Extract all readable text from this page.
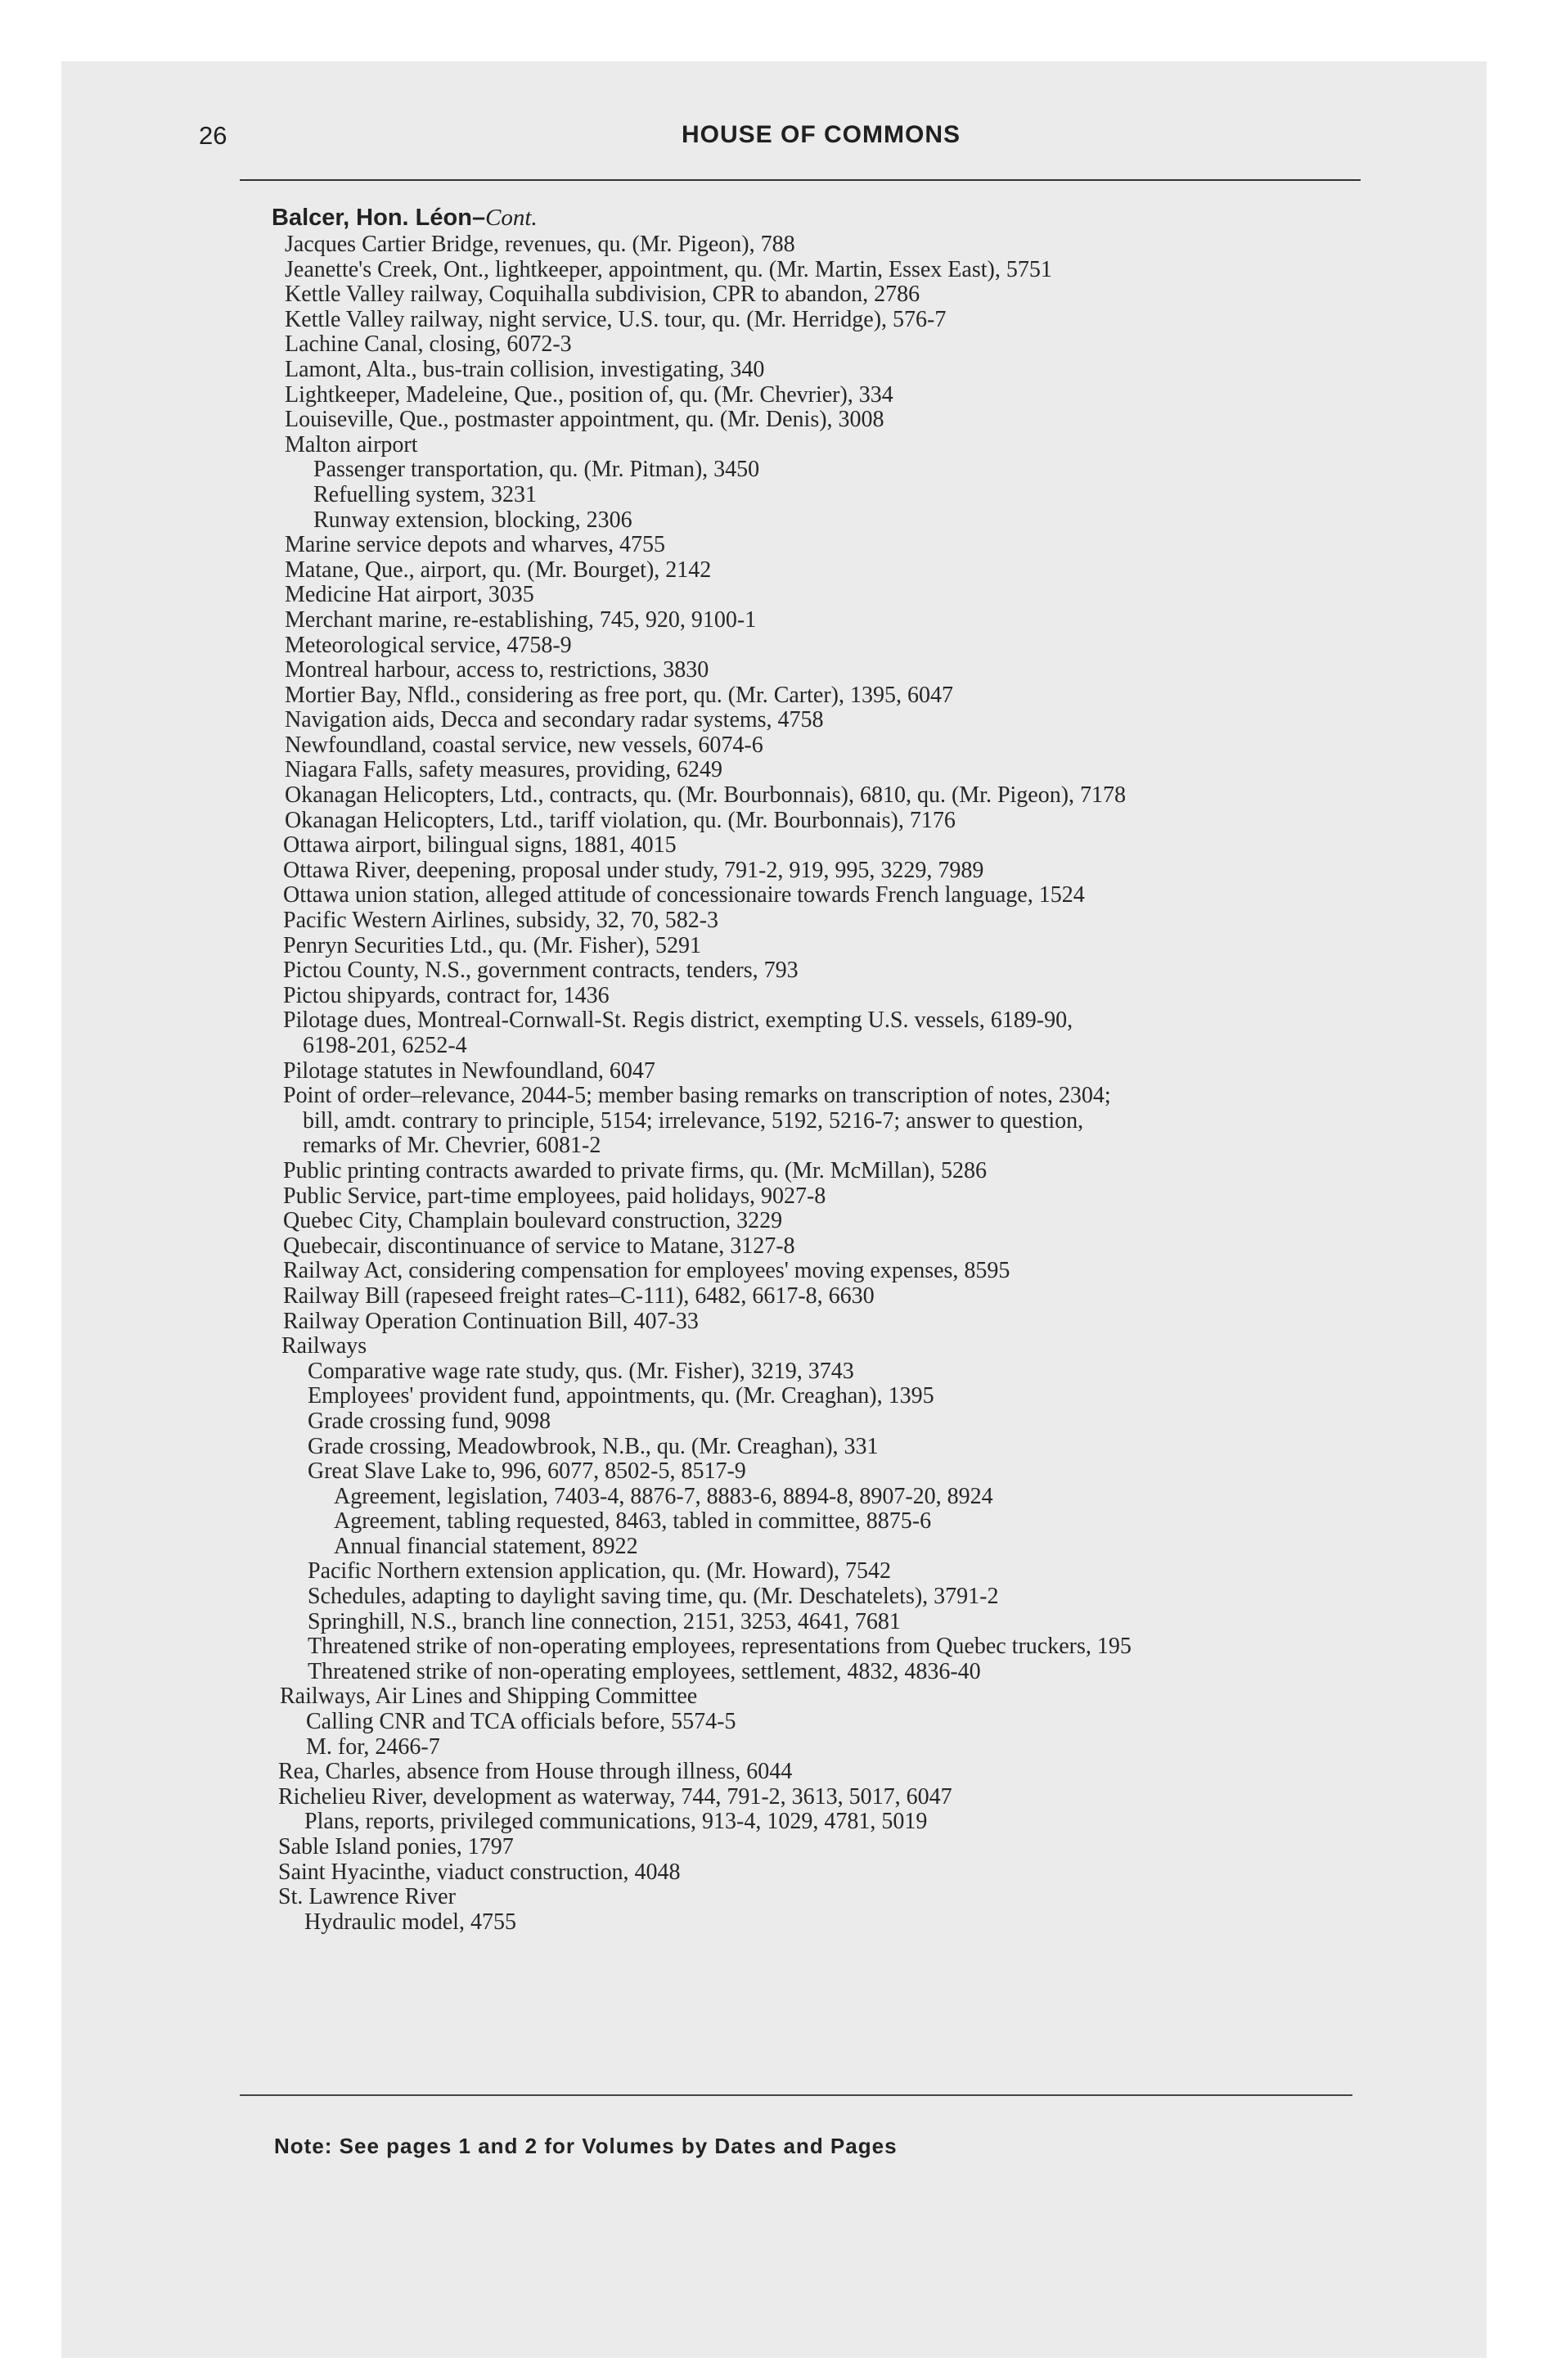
26	HOUSE OF COMMONS
Balcer, Hon. Léon–Cont.
Jacques Cartier Bridge, revenues, qu. (Mr. Pigeon), 788
Jeanette's Creek, Ont., lightkeeper, appointment, qu. (Mr. Martin, Essex East), 5751
Kettle Valley railway, Coquihalla subdivision, CPR to abandon, 2786
Kettle Valley railway, night service, U.S. tour, qu. (Mr. Herridge), 576-7
Lachine Canal, closing, 6072-3
Lamont, Alta., bus-train collision, investigating, 340
Lightkeeper, Madeleine, Que., position of, qu. (Mr. Chevrier), 334
Louiseville, Que., postmaster appointment, qu. (Mr. Denis), 3008
Malton airport
Passenger transportation, qu. (Mr. Pitman), 3450
Refuelling system, 3231
Runway extension, blocking, 2306
Marine service depots and wharves, 4755
Matane, Que., airport, qu. (Mr. Bourget), 2142
Medicine Hat airport, 3035
Merchant marine, re-establishing, 745, 920, 9100-1
Meteorological service, 4758-9
Montreal harbour, access to, restrictions, 3830
Mortier Bay, Nfld., considering as free port, qu. (Mr. Carter), 1395, 6047
Navigation aids, Decca and secondary radar systems, 4758
Newfoundland, coastal service, new vessels, 6074-6
Niagara Falls, safety measures, providing, 6249
Okanagan Helicopters, Ltd., contracts, qu. (Mr. Bourbonnais), 6810, qu. (Mr. Pigeon), 7178
Okanagan Helicopters, Ltd., tariff violation, qu. (Mr. Bourbonnais), 7176
Ottawa airport, bilingual signs, 1881, 4015
Ottawa River, deepening, proposal under study, 791-2, 919, 995, 3229, 7989
Ottawa union station, alleged attitude of concessionaire towards French language, 1524
Pacific Western Airlines, subsidy, 32, 70, 582-3
Penryn Securities Ltd., qu. (Mr. Fisher), 5291
Pictou County, N.S., government contracts, tenders, 793
Pictou shipyards, contract for, 1436
Pilotage dues, Montreal-Cornwall-St. Regis district, exempting U.S. vessels, 6189-90,
6198-201, 6252-4
Pilotage statutes in Newfoundland, 6047
Point of order–relevance, 2044-5; member basing remarks on transcription of notes, 2304;
bill, amdt. contrary to principle, 5154; irrelevance, 5192, 5216-7; answer to question,
remarks of Mr. Chevrier, 6081-2
Public printing contracts awarded to private firms, qu. (Mr. McMillan), 5286
Public Service, part-time employees, paid holidays, 9027-8
Quebec City, Champlain boulevard construction, 3229
Quebecair, discontinuance of service to Matane, 3127-8
Railway Act, considering compensation for employees' moving expenses, 8595
Railway Bill (rapeseed freight rates–C-111), 6482, 6617-8, 6630
Railway Operation Continuation Bill, 407-33
Railways
Comparative wage rate study, qus. (Mr. Fisher), 3219, 3743
Employees' provident fund, appointments, qu. (Mr. Creaghan), 1395
Grade crossing fund, 9098
Grade crossing, Meadowbrook, N.B., qu. (Mr. Creaghan), 331
Great Slave Lake to, 996, 6077, 8502-5, 8517-9
Agreement, legislation, 7403-4, 8876-7, 8883-6, 8894-8, 8907-20, 8924
Agreement, tabling requested, 8463, tabled in committee, 8875-6
Annual financial statement, 8922
Pacific Northern extension application, qu. (Mr. Howard), 7542
Schedules, adapting to daylight saving time, qu. (Mr. Deschatelets), 3791-2
Springhill, N.S., branch line connection, 2151, 3253, 4641, 7681
Threatened strike of non-operating employees, representations from Quebec truckers, 195
Threatened strike of non-operating employees, settlement, 4832, 4836-40
Railways, Air Lines and Shipping Committee
Calling CNR and TCA officials before, 5574-5
M. for, 2466-7
Rea, Charles, absence from House through illness, 6044
Richelieu River, development as waterway, 744, 791-2, 3613, 5017, 6047
Plans, reports, privileged communications, 913-4, 1029, 4781, 5019
Sable Island ponies, 1797
Saint Hyacinthe, viaduct construction, 4048
St. Lawrence River
Hydraulic model, 4755
Note: See pages 1 and 2 for Volumes by Dates and Pages
